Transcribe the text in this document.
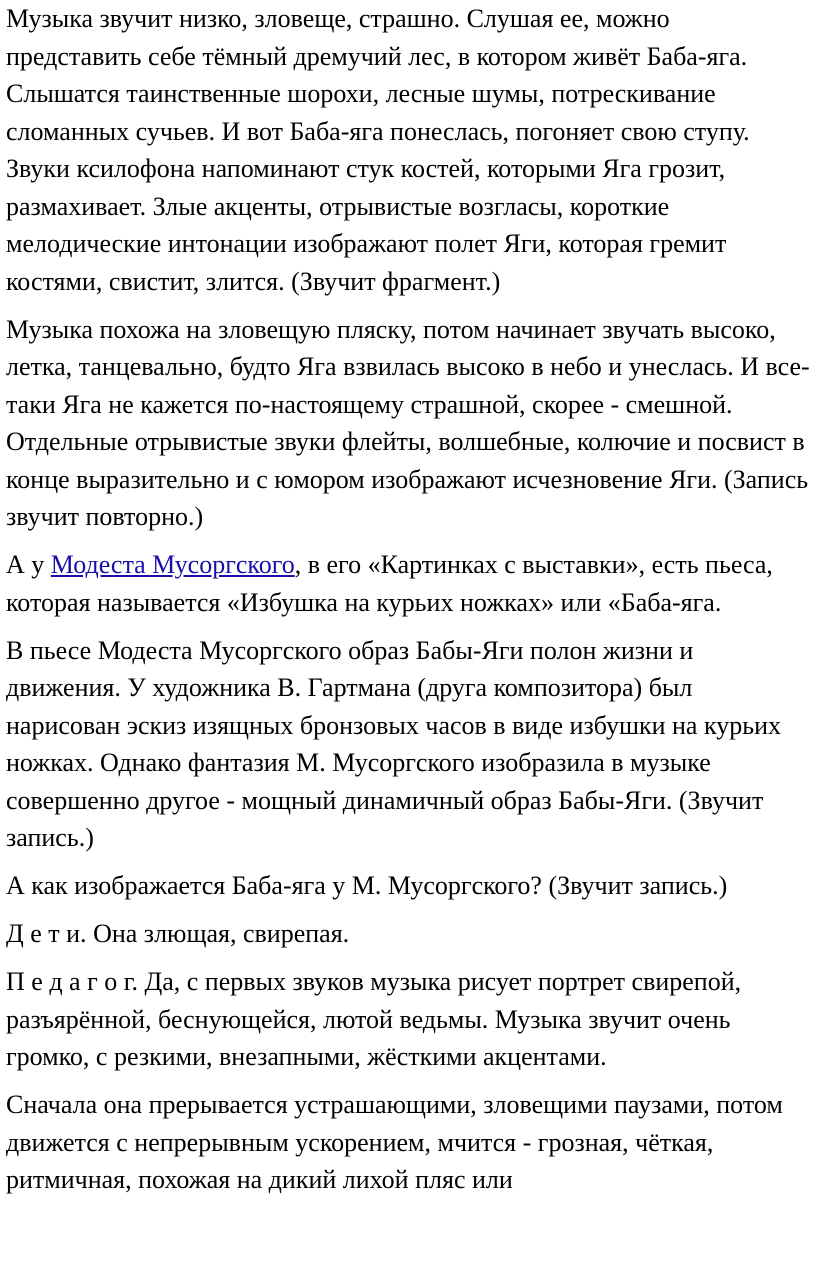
Музыка звучит низко, зловеще, страшно. Слушая ее, можно представить себе тёмный дремучий лес, в котором живёт Баба-яга. Слышатся таинственные шорохи, лесные шумы, потрескивание сломанных сучьев. И вот Баба-яга понеслась, погоняет свою ступу. Звуки ксилофона напоминают стук костей, которыми Яга грозит, размахивает. Злые акценты, отрывистые возгласы, короткие мелодические интонации изображают полет Яги, которая гремит костями, свистит, злится. (Звучит фрагмент.)

Музыка похожа на зловещую пляску, потом начинает звучать высоко, летка, танцевально, будто Яга взвилась высоко в небо и унеслась. И все-таки Яга не кажется по-настоящему страшной, скорее - смешной. Отдельные отрывистые звуки флейты, волшебные, колючие и посвист в конце выразительно и с юмором изображают исчезновение Яги. (Запись звучит повторно.)

А у Модеста Мусоргского, в его «Картинках с выставки», есть пьеса, которая называется «Избушка на курьих ножках» или «Баба-яга.

В пьесе Модеста Мусоргского образ Бабы-Яги полон жизни и движения. У художника В. Гартмана (друга композитора) был нарисован эскиз изящных бронзовых часов в виде избушки на курьих ножках. Однако фантазия М. Мусоргского изобразила в музыке совершенно другое - мощный динамичный образ Бабы-Яги. (Звучит запись.)

А как изображается Баба-яга у М. Мусоргского? (Звучит запись.)

Д е т и. Она злющая, свирепая.

П е д а г о г. Да, с первых звуков музыка рисует портрет свирепой, разъярённой, беснующейся, лютой ведьмы. Музыка звучит очень громко, с резкими, внезапными, жёсткими акцентами.

Сначала она прерывается устрашающими, зловещими паузами, потом движется с непрерывным ускорением, мчится - грозная, чёткая, ритмичная, похожая на дикий лихой пляс или
